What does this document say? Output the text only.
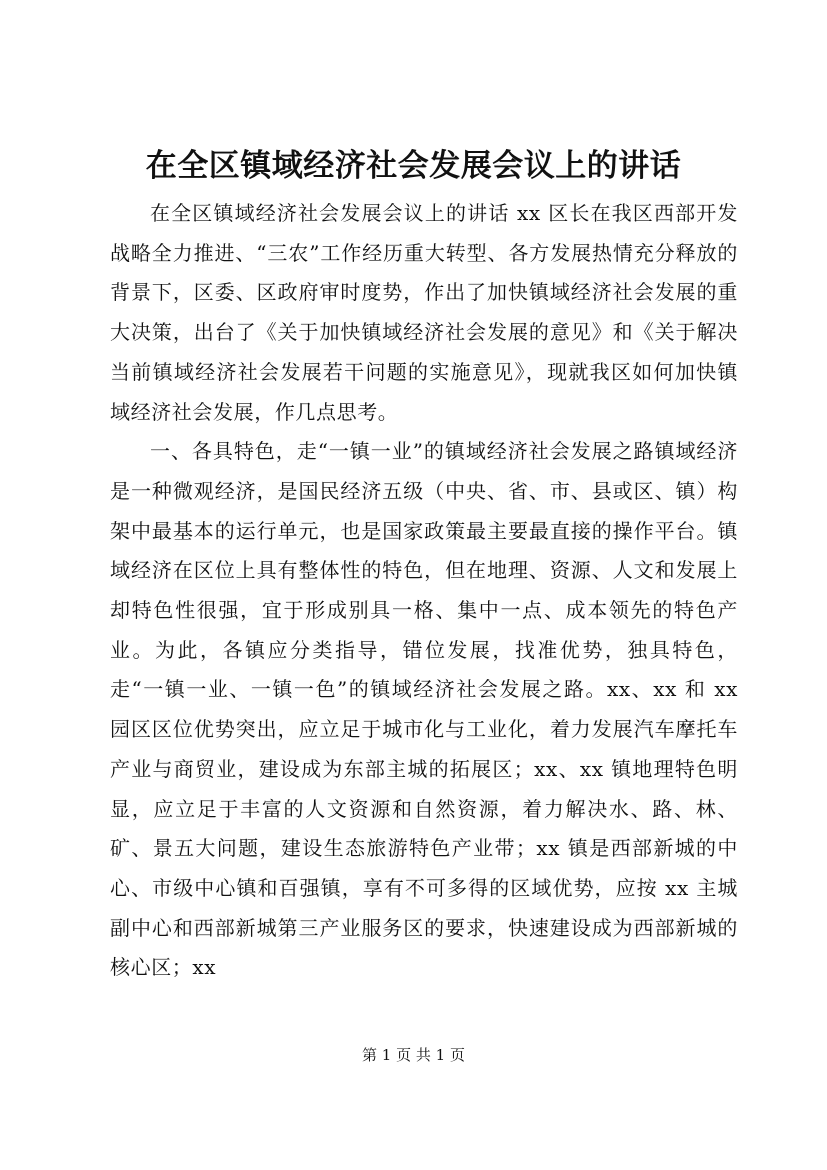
在全区镇域经济社会发展会议上的讲话

在全区镇域经济社会发展会议上的讲话 xx 区长在我区西部开发战略全力推进、“三农”工作经历重大转型、各方发展热情充分释放的背景下，区委、区政府审时度势，作出了加快镇域经济社会发展的重大决策，出台了《关于加快镇域经济社会发展的意见》和《关于解决当前镇域经济社会发展若干问题的实施意见》，现就我区如何加快镇域经济社会发展，作几点思考。

一、各具特色，走“一镇一业”的镇域经济社会发展之路镇域经济是一种微观经济，是国民经济五级（中央、省、市、县或区、镇）构架中最基本的运行单元，也是国家政策最主要最直接的操作平台。镇域经济在区位上具有整体性的特色，但在地理、资源、人文和发展上却特色性很强，宜于形成别具一格、集中一点、成本领先的特色产业。为此，各镇应分类指导，错位发展，找准优势，独具特色，走“一镇一业、一镇一色”的镇域经济社会发展之路。xx、xx 和 xx 园区区位优势突出，应立足于城市化与工业化，着力发展汽车摩托车产业与商贸业，建设成为东部主城的拓展区；xx、xx 镇地理特色明显，应立足于丰富的人文资源和自然资源，着力解决水、路、林、矿、景五大问题，建设生态旅游特色产业带；xx 镇是西部新城的中心、市级中心镇和百强镇，享有不可多得的区域优势，应按 xx 主城副中心和西部新城第三产业服务区的要求，快速建设成为西部新城的核心区；xx

第 1 页 共 1 页
